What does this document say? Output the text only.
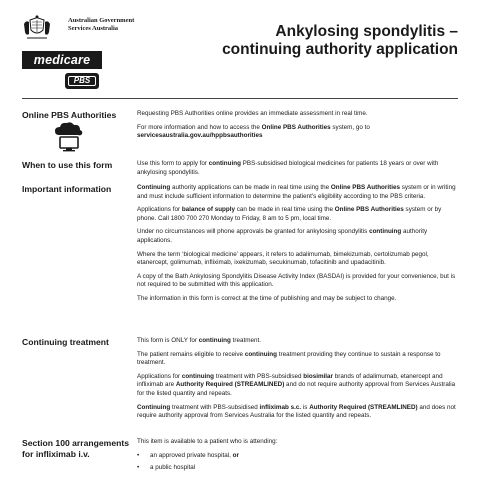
Australian Government
Services Australia
medicare
PBS
Ankylosing spondylitis –
continuing authority application
Online PBS Authorities	Requesting PBS Authorities online provides an immediate assessment in real time.

For more information and how to access the Online PBS Authorities system, go to
servicesaustralia.gov.au/hppbsauthorities

When to use this form	Use this form to apply for continuing PBS-subsidised biological medicines for patients 18 years or over with ankylosing spondylitis.

Important information	Continuing authority applications can be made in real time using the Online PBS Authorities system or in writing and must include sufficient information to determine the patient's eligibility according to the PBS criteria.

Applications for balance of supply can be made in real time using the Online PBS Authorities system or by phone. Call 1800 700 270 Monday to Friday, 8 am to 5 pm, local time.

Under no circumstances will phone approvals be granted for ankylosing spondylitis continuing authority applications.

Where the term ‘biological medicine’ appears, it refers to adalimumab, bimekizumab, certolizumab pegol, etanercept, golimumab, infliximab, ixekizumab, secukinumab, tofacitinib and upadacitinib.

A copy of the Bath Ankylosing Spondylitis Disease Activity Index (BASDAI) is provided for your convenience, but is not required to be submitted with this application.

The information in this form is correct at the time of publishing and may be subject to change.

Continuing treatment	This form is ONLY for continuing treatment.

The patient remains eligible to receive continuing treatment providing they continue to sustain a response to treatment.

Applications for continuing treatment with PBS-subsidised biosimilar brands of adalimumab, etanercept and infliximab are Authority Required (STREAMLINED) and do not require authority approval from Services Australia for the listed quantity and repeats.

Continuing treatment with PBS-subsidised infliximab s.c. is Authority Required (STREAMLINED) and does not require authority approval from Services Australia for the listed quantity and repeats.

Section 100 arrangements
for infliximab i.v.

This item is available to a patient who is attending:

• an approved private hospital, or
• a public hospital
